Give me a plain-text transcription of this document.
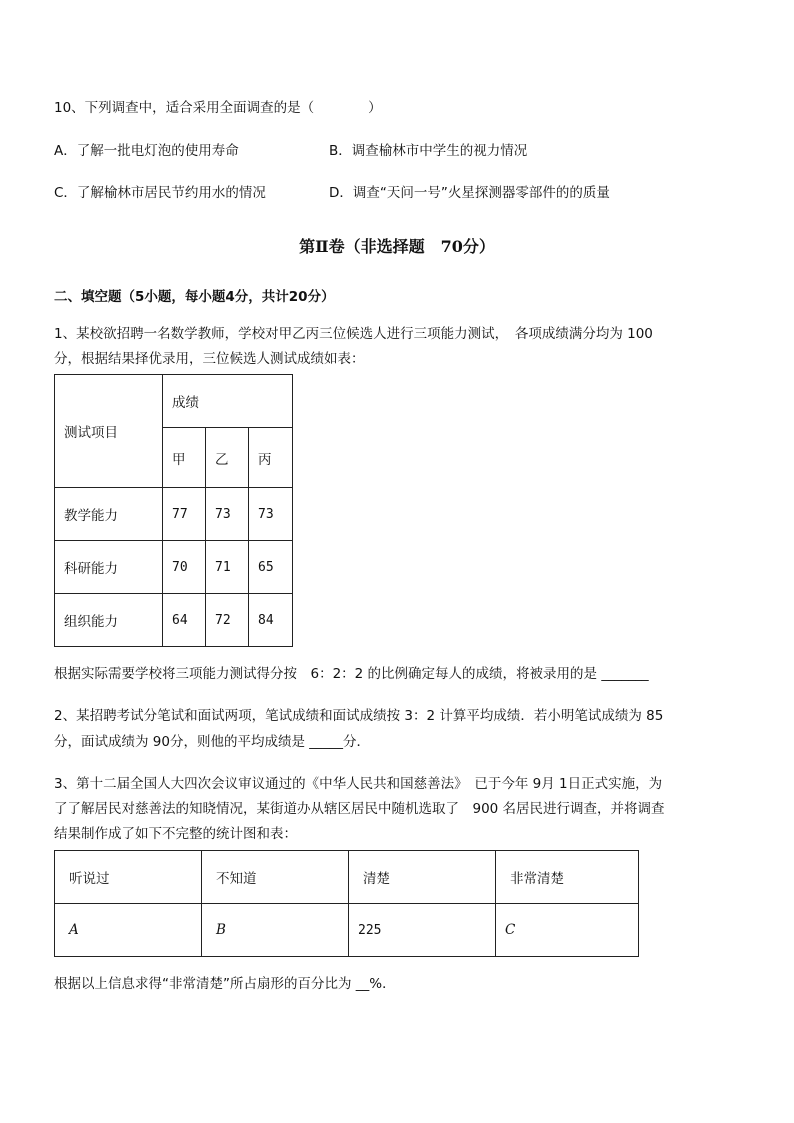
10、下列调查中，适合采用全面调查的是（　　　　）
A．了解一批电灯泡的使用寿命	B．调查榆林市中学生的视力情况
C．了解榆林市居民节约用水的情况	D．调查“天问一号”火星探测器零部件的的质量
第Ⅱ卷（非选择题　70分）
二、填空题（5小题，每小题4分，共计20分）
1、某校欲招聘一名数学教师，学校对甲乙丙三位候选人进行三项能力测试，　各项成绩满分均为 100
分，根据结果择优录用，三位候选人测试成绩如表：
测试项目	成绩		
	甲	乙	丙
教学能力	77	73	73
科研能力	70	71	65
组织能力	64	72	84
根据实际需要学校将三项能力测试得分按　6：2：2 的比例确定每人的成绩，将被录用的是 _______
2、某招聘考试分笔试和面试两项，笔试成绩和面试成绩按 3：2 计算平均成绩．若小明笔试成绩为 85
分，面试成绩为 90分，则他的平均成绩是 _____分．
3、第十二届全国人大四次会议审议通过的《中华人民共和国慈善法》　已于今年 9月 1日正式实施，为
了了解居民对慈善法的知晓情况，某街道办从辖区居民中随机选取了　900 名居民进行调查，并将调查
结果制作成了如下不完整的统计图和表：
听说过	不知道	清楚	非常清楚
A	B	225	C
根据以上信息求得“非常清楚”所占扇形的百分比为 __%．
